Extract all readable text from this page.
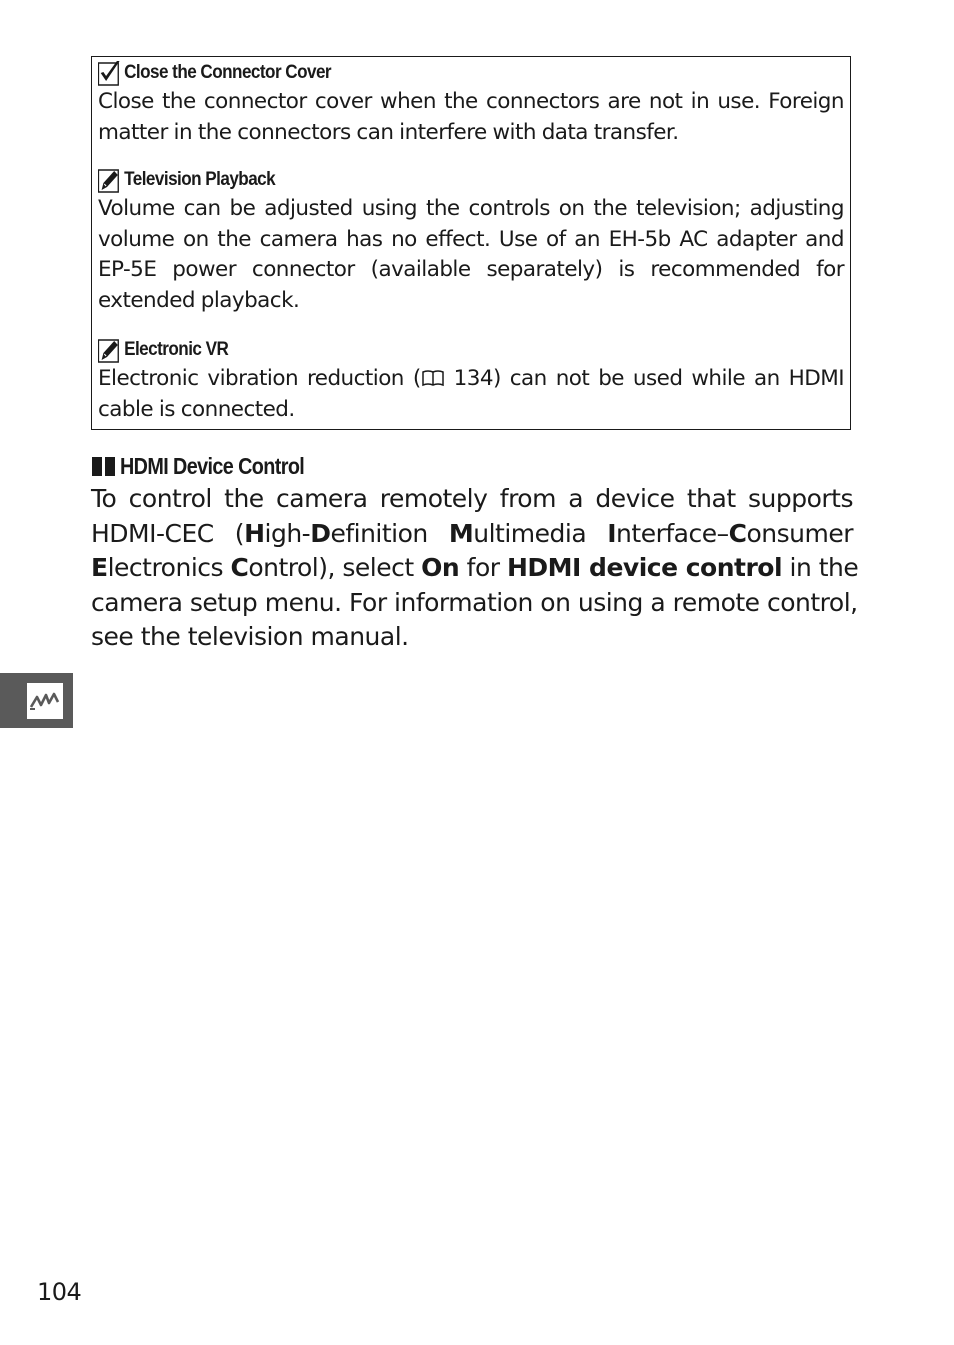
Close the Connector Cover
Close the connector cover when the connectors are not in use. Foreign
matter in the connectors can interfere with data transfer.
Television Playback
Volume can be adjusted using the controls on the television; adjusting
volume on the camera has no effect. Use of an EH-5b AC adapter and
EP-5E power connector (available separately) is recommended for
extended playback.
Electronic VR
Electronic vibration reduction ( 134) can not be used while an HDMI
cable is connected.
HDMI Device Control
To control the camera remotely from a device that supports
HDMI-CEC (High-Definition Multimedia Interface–Consumer
Electronics Control), select On for HDMI device control in the
camera setup menu. For information on using a remote control,
see the television manual.
104
